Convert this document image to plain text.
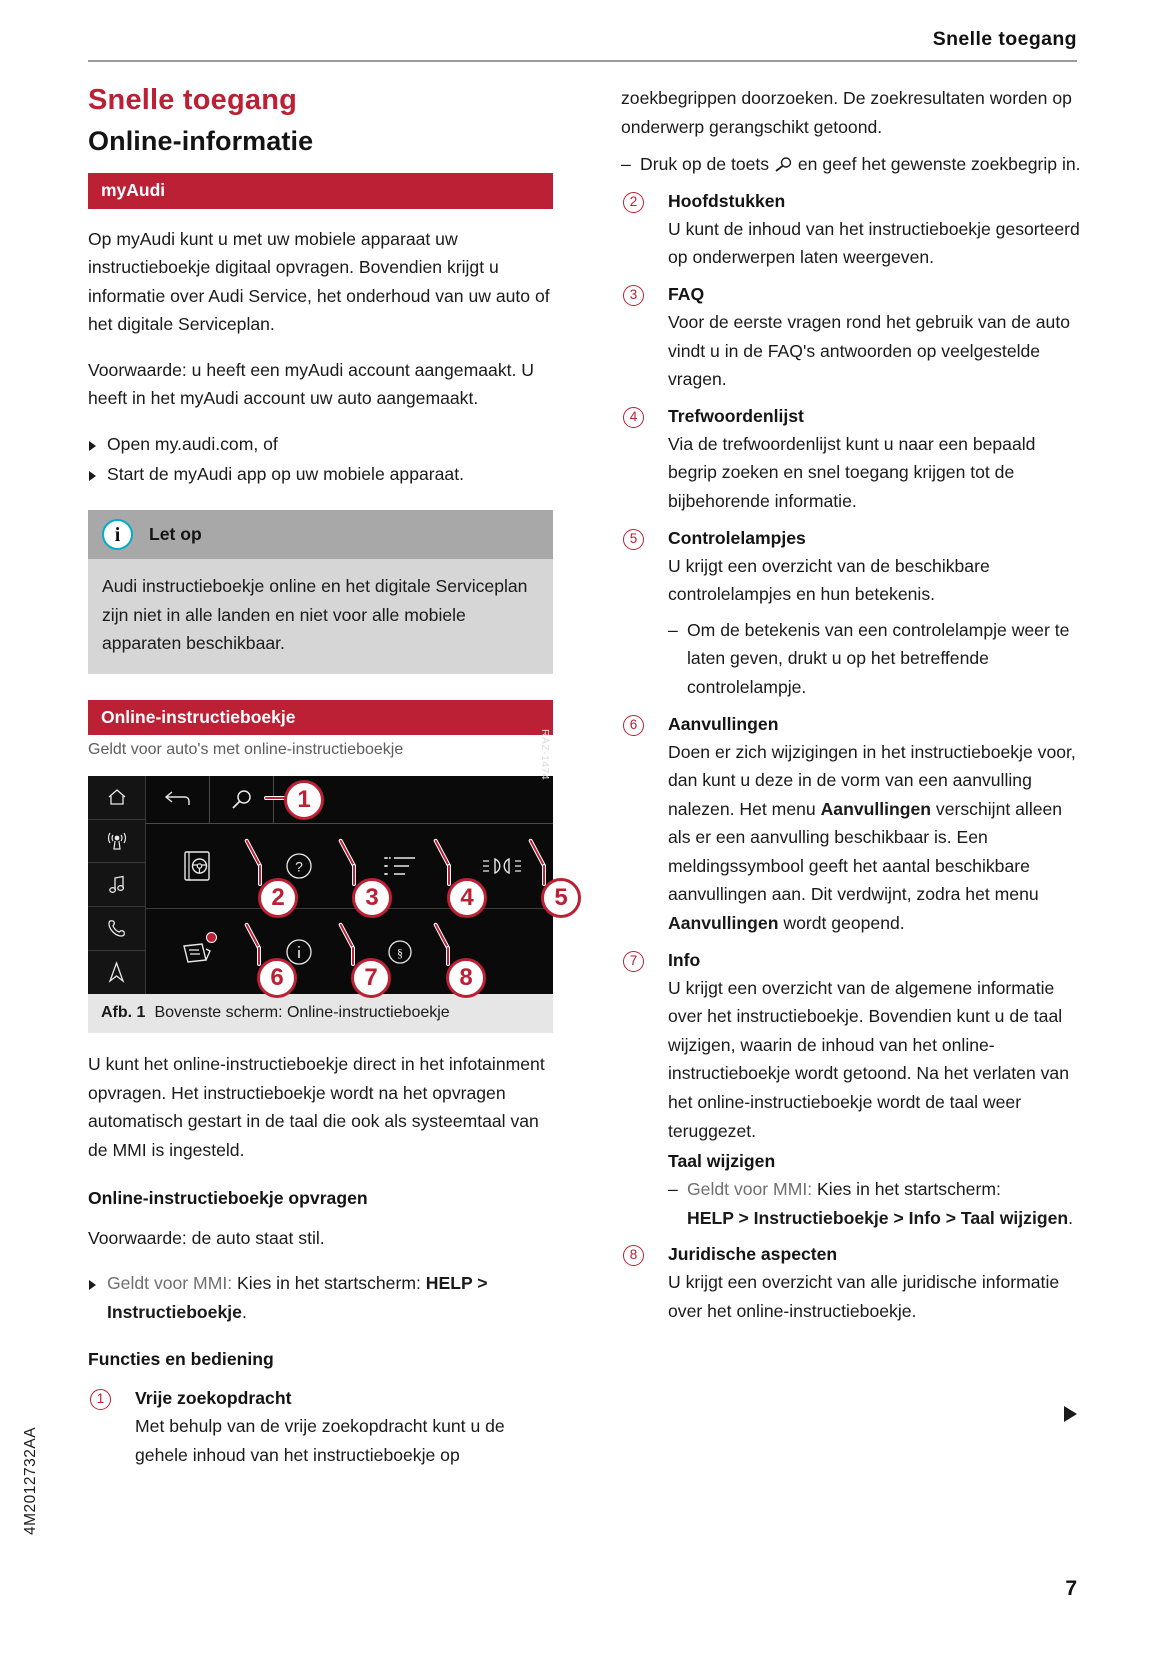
Snelle toegang
Snelle toegang
Online-informatie
myAudi

Op myAudi kunt u met uw mobiele apparaat uw instructieboekje digitaal opvragen. Bovendien krijgt u informatie over Audi Service, het onderhoud van uw auto of het digitale Serviceplan.

Voorwaarde: u heeft een myAudi account aangemaakt. U heeft in het myAudi account uw auto aangemaakt.

Open my.audi.com, of
Start de myAudi app op uw mobiele apparaat.
i	Let op
Audi instructieboekje online en het digitale Serviceplan zijn niet in alle landen en niet voor alle mobiele apparaten beschikbaar.
Online-instructieboekje
Geldt voor auto's met online-instructieboekje	RAZ-1474
?
§
1
2	3	4	5
6	7	8
Afb. 1 Bovenste scherm: Online-instructieboekje

U kunt het online-instructieboekje direct in het infotainment opvragen. Het instructieboekje wordt na het opvragen automatisch gestart in de taal die ook als systeemtaal van de MMI is ingesteld.

Online-instructieboekje opvragen

Voorwaarde: de auto staat stil.

Geldt voor MMI: Kies in het startscherm: HELP > Instructieboekje.
Functies en bediening
1	Vrije zoekopdracht

Met behulp van de vrije zoekopdracht kunt u de gehele inhoud van het instructieboekje op

zoekbegrippen doorzoeken. De zoekresultaten worden op onderwerp gerangschikt getoond.

– Druk op de toets  en geef het gewenste zoekbegrip in.
2	Hoofdstukken

U kunt de inhoud van het instructieboekje gesorteerd op onderwerpen laten weergeven.

3	FAQ

Voor de eerste vragen rond het gebruik van de auto vindt u in de FAQ's antwoorden op veelgestelde vragen.

4	Trefwoordenlijst

Via de trefwoordenlijst kunt u naar een bepaald begrip zoeken en snel toegang krijgen tot de bijbehorende informatie.

5	Controlelampjes

U krijgt een overzicht van de beschikbare controlelampjes en hun betekenis.

– Om de betekenis van een controlelampje weer te laten geven, drukt u op het betreffende controlelampje.
6	Aanvullingen

Doen er zich wijzigingen in het instructieboekje voor, dan kunt u deze in de vorm van een aanvulling nalezen. Het menu Aanvullingen verschijnt alleen als er een aanvulling beschikbaar is. Een meldingssymbool geeft het aantal beschikbare aanvullingen aan. Dit verdwijnt, zodra het menu Aanvullingen wordt geopend.

7	Info

U krijgt een overzicht van de algemene informatie over het instructieboekje. Bovendien kunt u de taal wijzigen, waarin de inhoud van het online-instructieboekje wordt getoond. Na het verlaten van het online-instructieboekje wordt de taal weer teruggezet.

Taal wijzigen
– Geldt voor MMI: Kies in het startscherm:
HELP > Instructieboekje > Info > Taal wijzigen.
8	Juridische aspecten

U krijgt een overzicht van alle juridische informatie over het online-instructieboekje.

4M2012732AA
7
